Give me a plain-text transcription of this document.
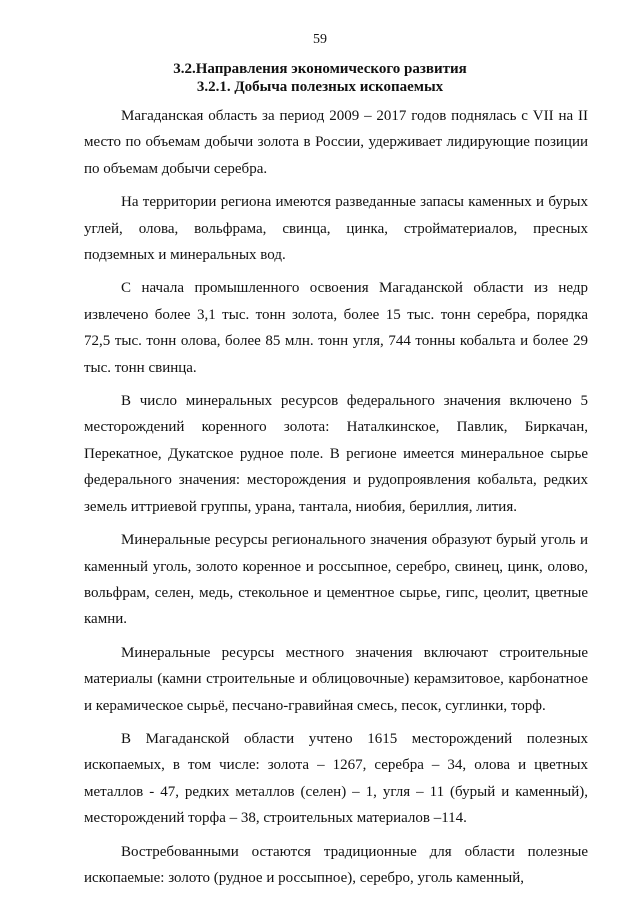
59
3.2.Направления экономического развития
3.2.1. Добыча полезных ископаемых

Магаданская область за период 2009 – 2017 годов поднялась с VII на II место по объемам добычи золота в России, удерживает лидирующие позиции по объемам добычи серебра.

На территории региона имеются разведанные запасы каменных и бурых углей, олова, вольфрама, свинца, цинка, стройматериалов, пресных подземных и минеральных вод.

С начала промышленного освоения Магаданской области из недр извлечено более 3,1 тыс. тонн золота, более 15 тыс. тонн серебра, порядка 72,5 тыс. тонн олова, более 85 млн. тонн угля, 744 тонны кобальта и более 29 тыс. тонн свинца.

В число минеральных ресурсов федерального значения включено 5 месторождений коренного золота: Наталкинское, Павлик, Биркачан, Перекатное, Дукатское рудное поле. В регионе имеется минеральное сырье федерального значения: месторождения и рудопроявления кобальта, редких земель иттриевой группы, урана, тантала, ниобия, бериллия, лития.

Минеральные ресурсы регионального значения образуют бурый уголь и каменный уголь, золото коренное и россыпное, серебро, свинец, цинк, олово, вольфрам, селен, медь, стекольное и цементное сырье, гипс, цеолит, цветные камни.

Минеральные ресурсы местного значения включают строительные материалы (камни строительные и облицовочные) керамзитовое, карбонатное и керамическое сырьё, песчано-гравийная смесь, песок, суглинки, торф.

В Магаданской области учтено 1615 месторождений полезных ископаемых, в том числе: золота – 1267, серебра – 34, олова и цветных металлов - 47, редких металлов (селен) – 1, угля – 11 (бурый и каменный), месторождений торфа – 38, строительных материалов –114.

Востребованными остаются традиционные для области полезные ископаемые: золото (рудное и россыпное), серебро, уголь каменный,
